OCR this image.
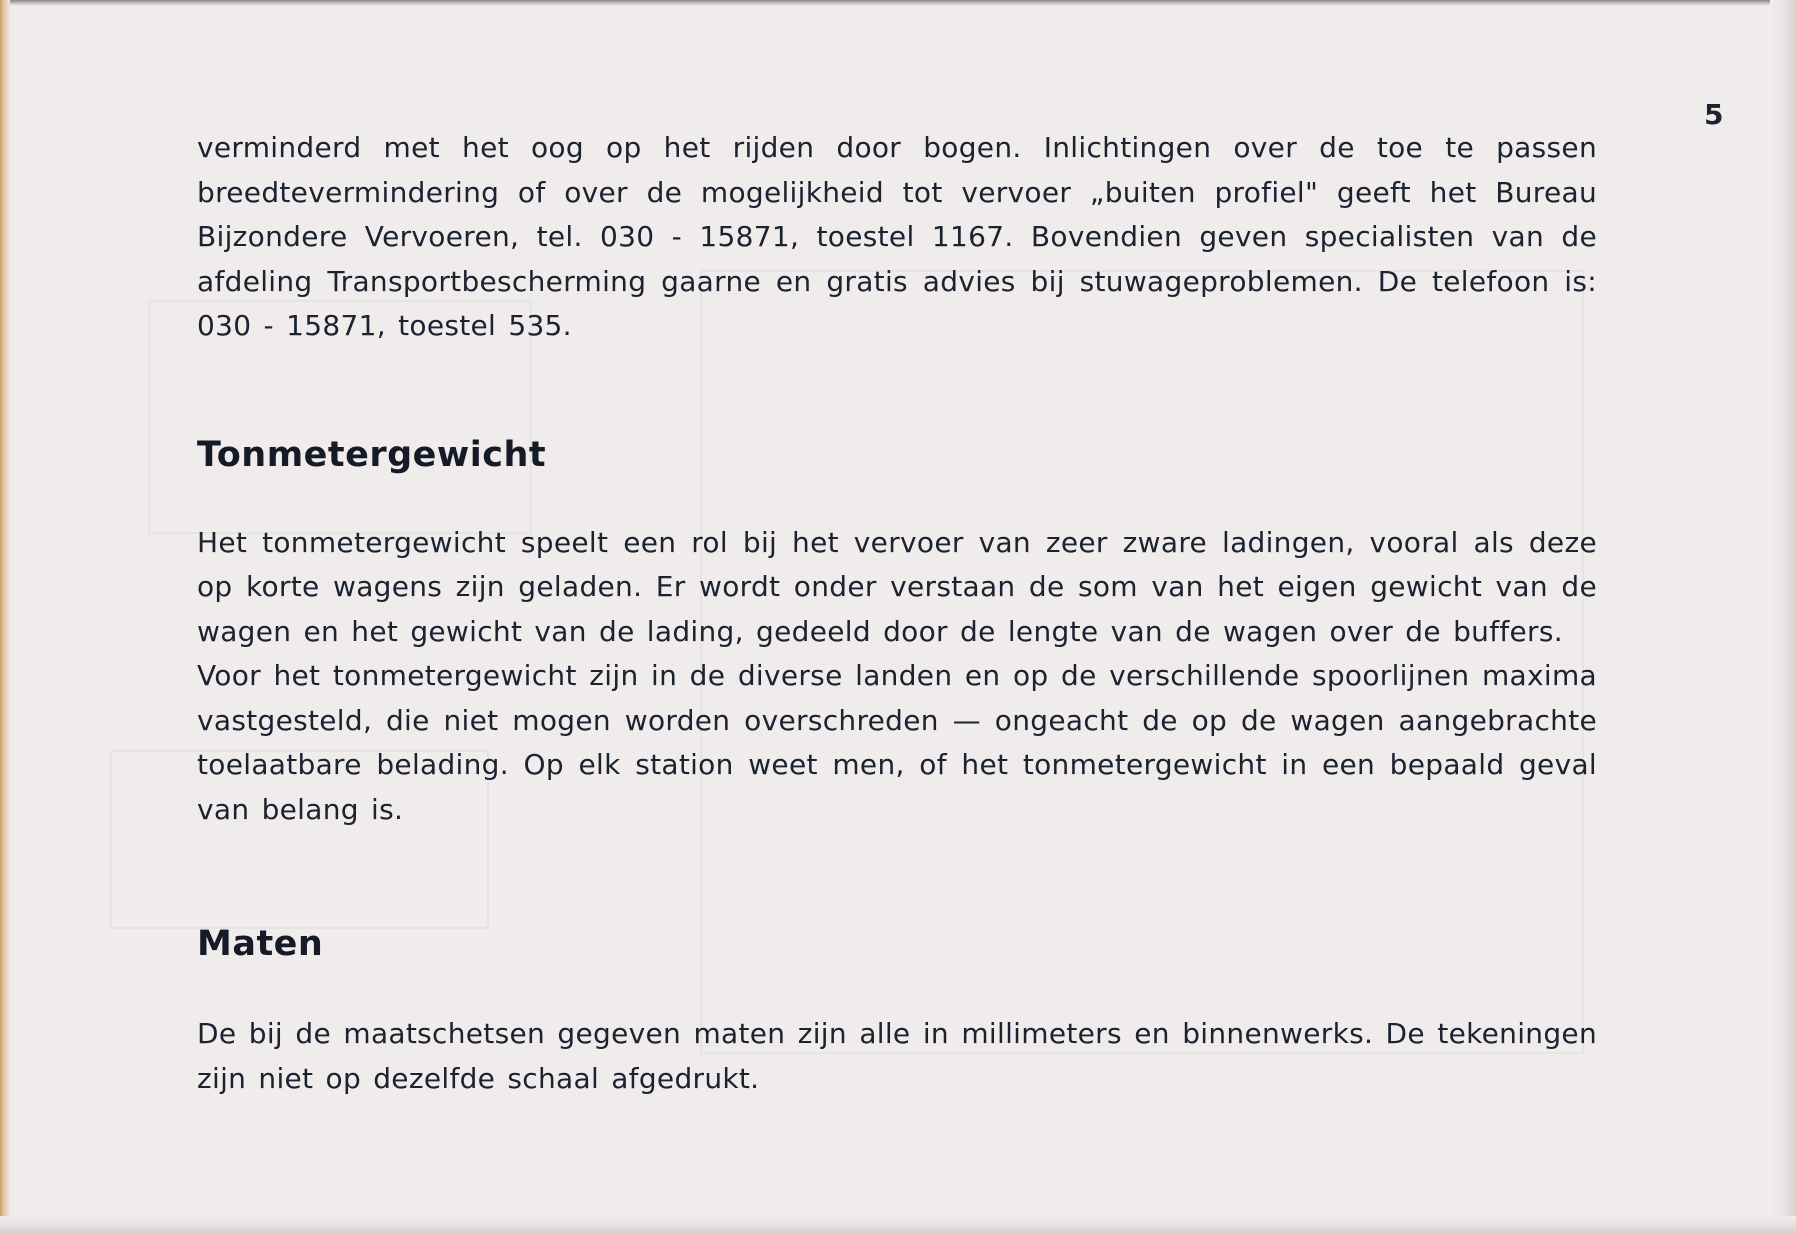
5

verminderd met het oog op het rijden door bogen. Inlichtingen over de toe te passen breedtevermindering of over de mogelijkheid tot vervoer „buiten profiel" geeft het Bureau Bijzondere Vervoeren, tel. 030 - 15871, toestel 1167. Bovendien geven specialisten van de afdeling Transportbescherming gaarne en gratis advies bij stuwageproblemen. De telefoon is: 030 - 15871, toestel 535.

Tonmetergewicht

Het tonmetergewicht speelt een rol bij het vervoer van zeer zware ladingen, vooral als deze op korte wagens zijn geladen. Er wordt onder verstaan de som van het eigen gewicht van de wagen en het gewicht van de lading, gedeeld door de lengte van de wagen over de buffers.

Voor het tonmetergewicht zijn in de diverse landen en op de verschillende spoorlijnen maxima vastgesteld, die niet mogen worden overschreden — ongeacht de op de wagen aangebrachte toelaatbare belading. Op elk station weet men, of het tonmetergewicht in een bepaald geval van belang is.

Maten

De bij de maatschetsen gegeven maten zijn alle in millimeters en binnenwerks. De tekeningen zijn niet op dezelfde schaal afgedrukt.
